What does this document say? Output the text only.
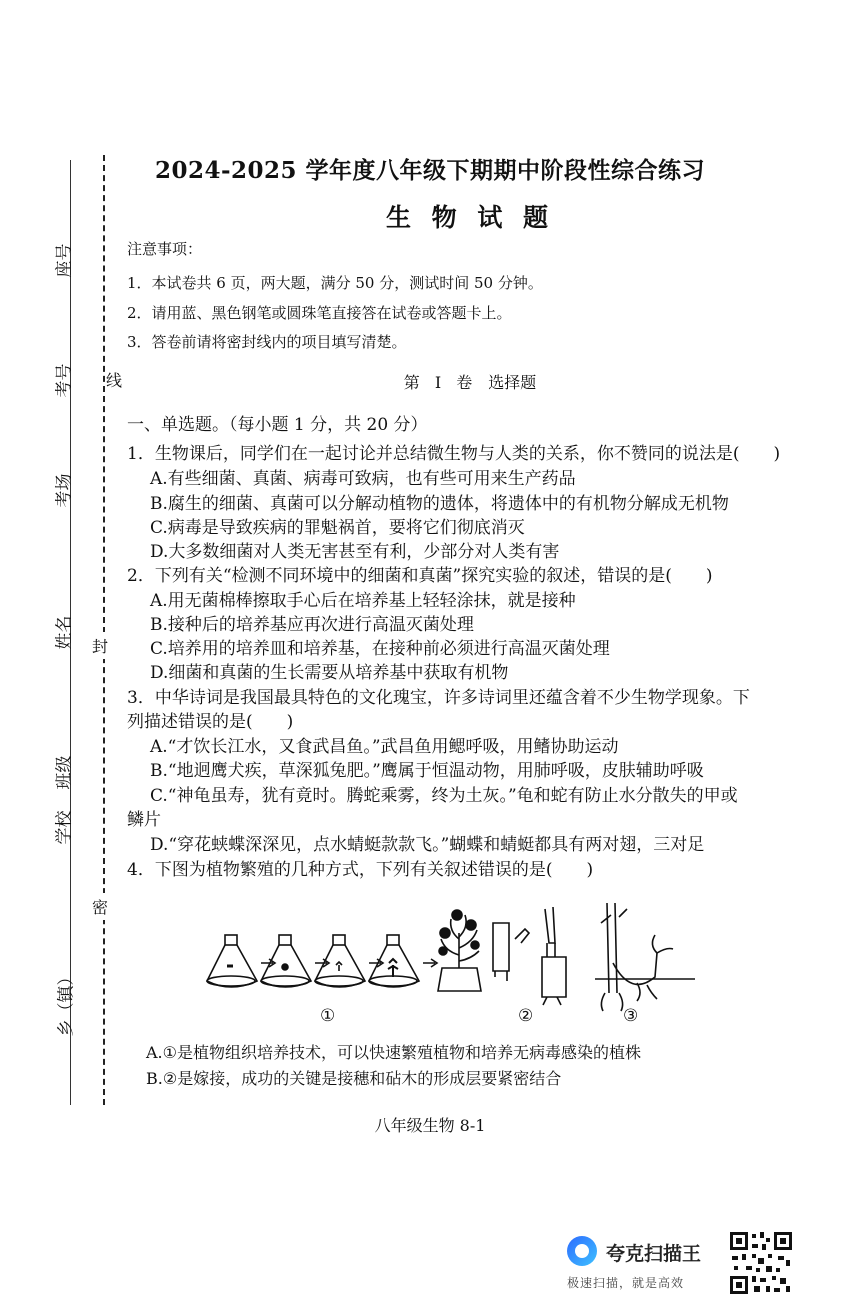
座号
考号
考场
姓名
班级
学校
乡（镇）
线
封
密
2024-2025 学年度八年级下期期中阶段性综合练习
生 物 试 题
注意事项：
1．本试卷共 6 页，两大题，满分 50 分，测试时间 50 分钟。
2．请用蓝、黑色钢笔或圆珠笔直接答在试卷或答题卡上。
3．答卷前请将密封线内的项目填写清楚。
第 Ⅰ 卷　选择题
一、单选题。（每小题 1 分，共 20 分）
1．生物课后，同学们在一起讨论并总结微生物与人类的关系，你不赞同的说法是(　　)
A.有些细菌、真菌、病毒可致病，也有些可用来生产药品
B.腐生的细菌、真菌可以分解动植物的遗体，将遗体中的有机物分解成无机物
C.病毒是导致疾病的罪魁祸首，要将它们彻底消灭
D.大多数细菌对人类无害甚至有利，少部分对人类有害
2．下列有关“检测不同环境中的细菌和真菌”探究实验的叙述，错误的是(　　)
A.用无菌棉棒擦取手心后在培养基上轻轻涂抹，就是接种
B.接种后的培养基应再次进行高温灭菌处理
C.培养用的培养皿和培养基，在接种前必须进行高温灭菌处理
D.细菌和真菌的生长需要从培养基中获取有机物
3．中华诗词是我国最具特色的文化瑰宝，许多诗词里还蕴含着不少生物学现象。下
列描述错误的是(　　)
A.“才饮长江水，又食武昌鱼。”武昌鱼用鳃呼吸，用鳍协助运动
B.“地迥鹰犬疾，草深狐兔肥。”鹰属于恒温动物，用肺呼吸，皮肤辅助呼吸
C.“神龟虽寿，犹有竟时。腾蛇乘雾，终为土灰。”龟和蛇有防止水分散失的甲或
鳞片
D.“穿花蛱蝶深深见，点水蜻蜓款款飞。”蝴蝶和蜻蜓都具有两对翅，三对足
4．下图为植物繁殖的几种方式，下列有关叙述错误的是(　　)
①	②	③
A.①是植物组织培养技术，可以快速繁殖植物和培养无病毒感染的植株
B.②是嫁接，成功的关键是接穗和砧木的形成层要紧密结合
八年级生物 8-1
夸克扫描王
极速扫描，就是高效
